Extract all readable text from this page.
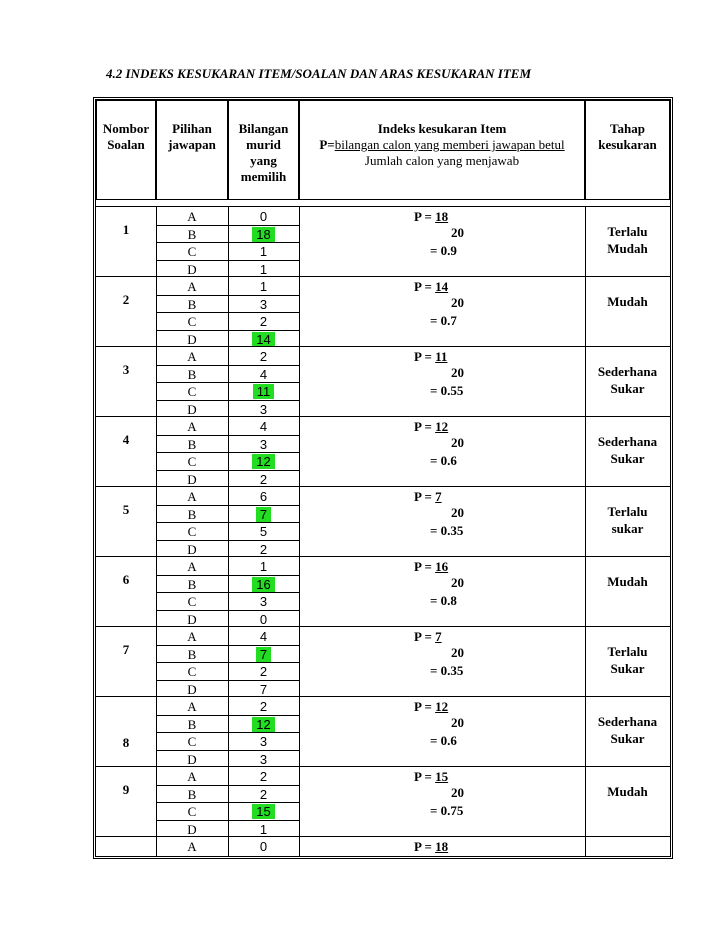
4.2 INDEKS KESUKARAN ITEM/SOALAN DAN ARAS KESUKARAN ITEM
Nombor
Soalan
Pilihan
jawapan
Bilangan
murid
yang
memilih
Indeks kesukaran Item
P=bilangan calon yang memberi jawapan betul
Jumlah calon yang menjawab
Tahap
kesukaran
1
A	0
B	18
C	1
D	1
P = 18
20
= 0.9
Terlalu
Mudah
2
A	1
B	3
C	2
D	14
P = 14
20
= 0.7
Mudah
3
A	2
B	4
C	11
D	3
P = 11
20
= 0.55
Sederhana
Sukar
4
A	4
B	3
C	12
D	2
P = 12
20
= 0.6
Sederhana
Sukar
5
A	6
B	7
C	5
D	2
P = 7
20
= 0.35
Terlalu
sukar
6
A	1
B	16
C	3
D	0
P = 16
20
= 0.8
Mudah
7
A	4
B	7
C	2
D	7
P = 7
20
= 0.35
Terlalu
Sukar
8
A	2
B	12
C	3
D	3
P = 12
20
= 0.6
Sederhana
Sukar
9
A	2
B	2
C	15
D	1
P = 15
20
= 0.75
Mudah
A	0	P = 18
